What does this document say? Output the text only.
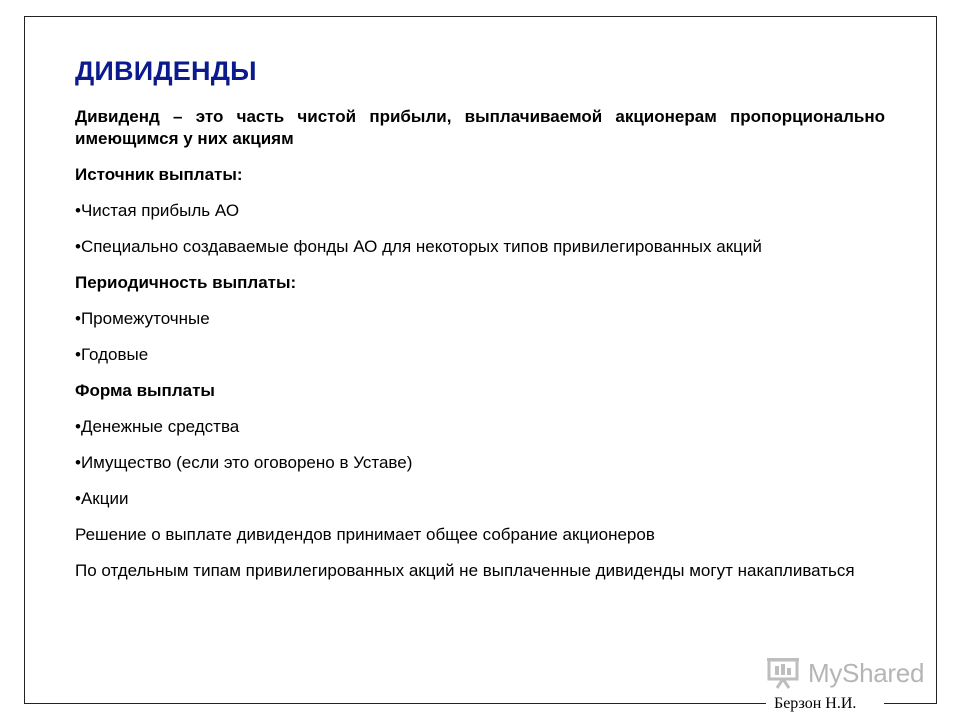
ДИВИДЕНДЫ

Дивиденд – это часть чистой прибыли, выплачиваемой акционерам пропорционально имеющимся у них акциям

Источник выплаты:

•Чистая прибыль АО

•Специально создаваемые фонды АО для некоторых типов привилегированных акций

Периодичность выплаты:

•Промежуточные

•Годовые

Форма выплаты

•Денежные средства

•Имущество (если это оговорено в Уставе)

•Акции

Решение о выплате дивидендов принимает общее собрание акционеров

По отдельным типам привилегированных акций не выплаченные дивиденды могут накапливаться

MyShared
Берзон Н.И.
